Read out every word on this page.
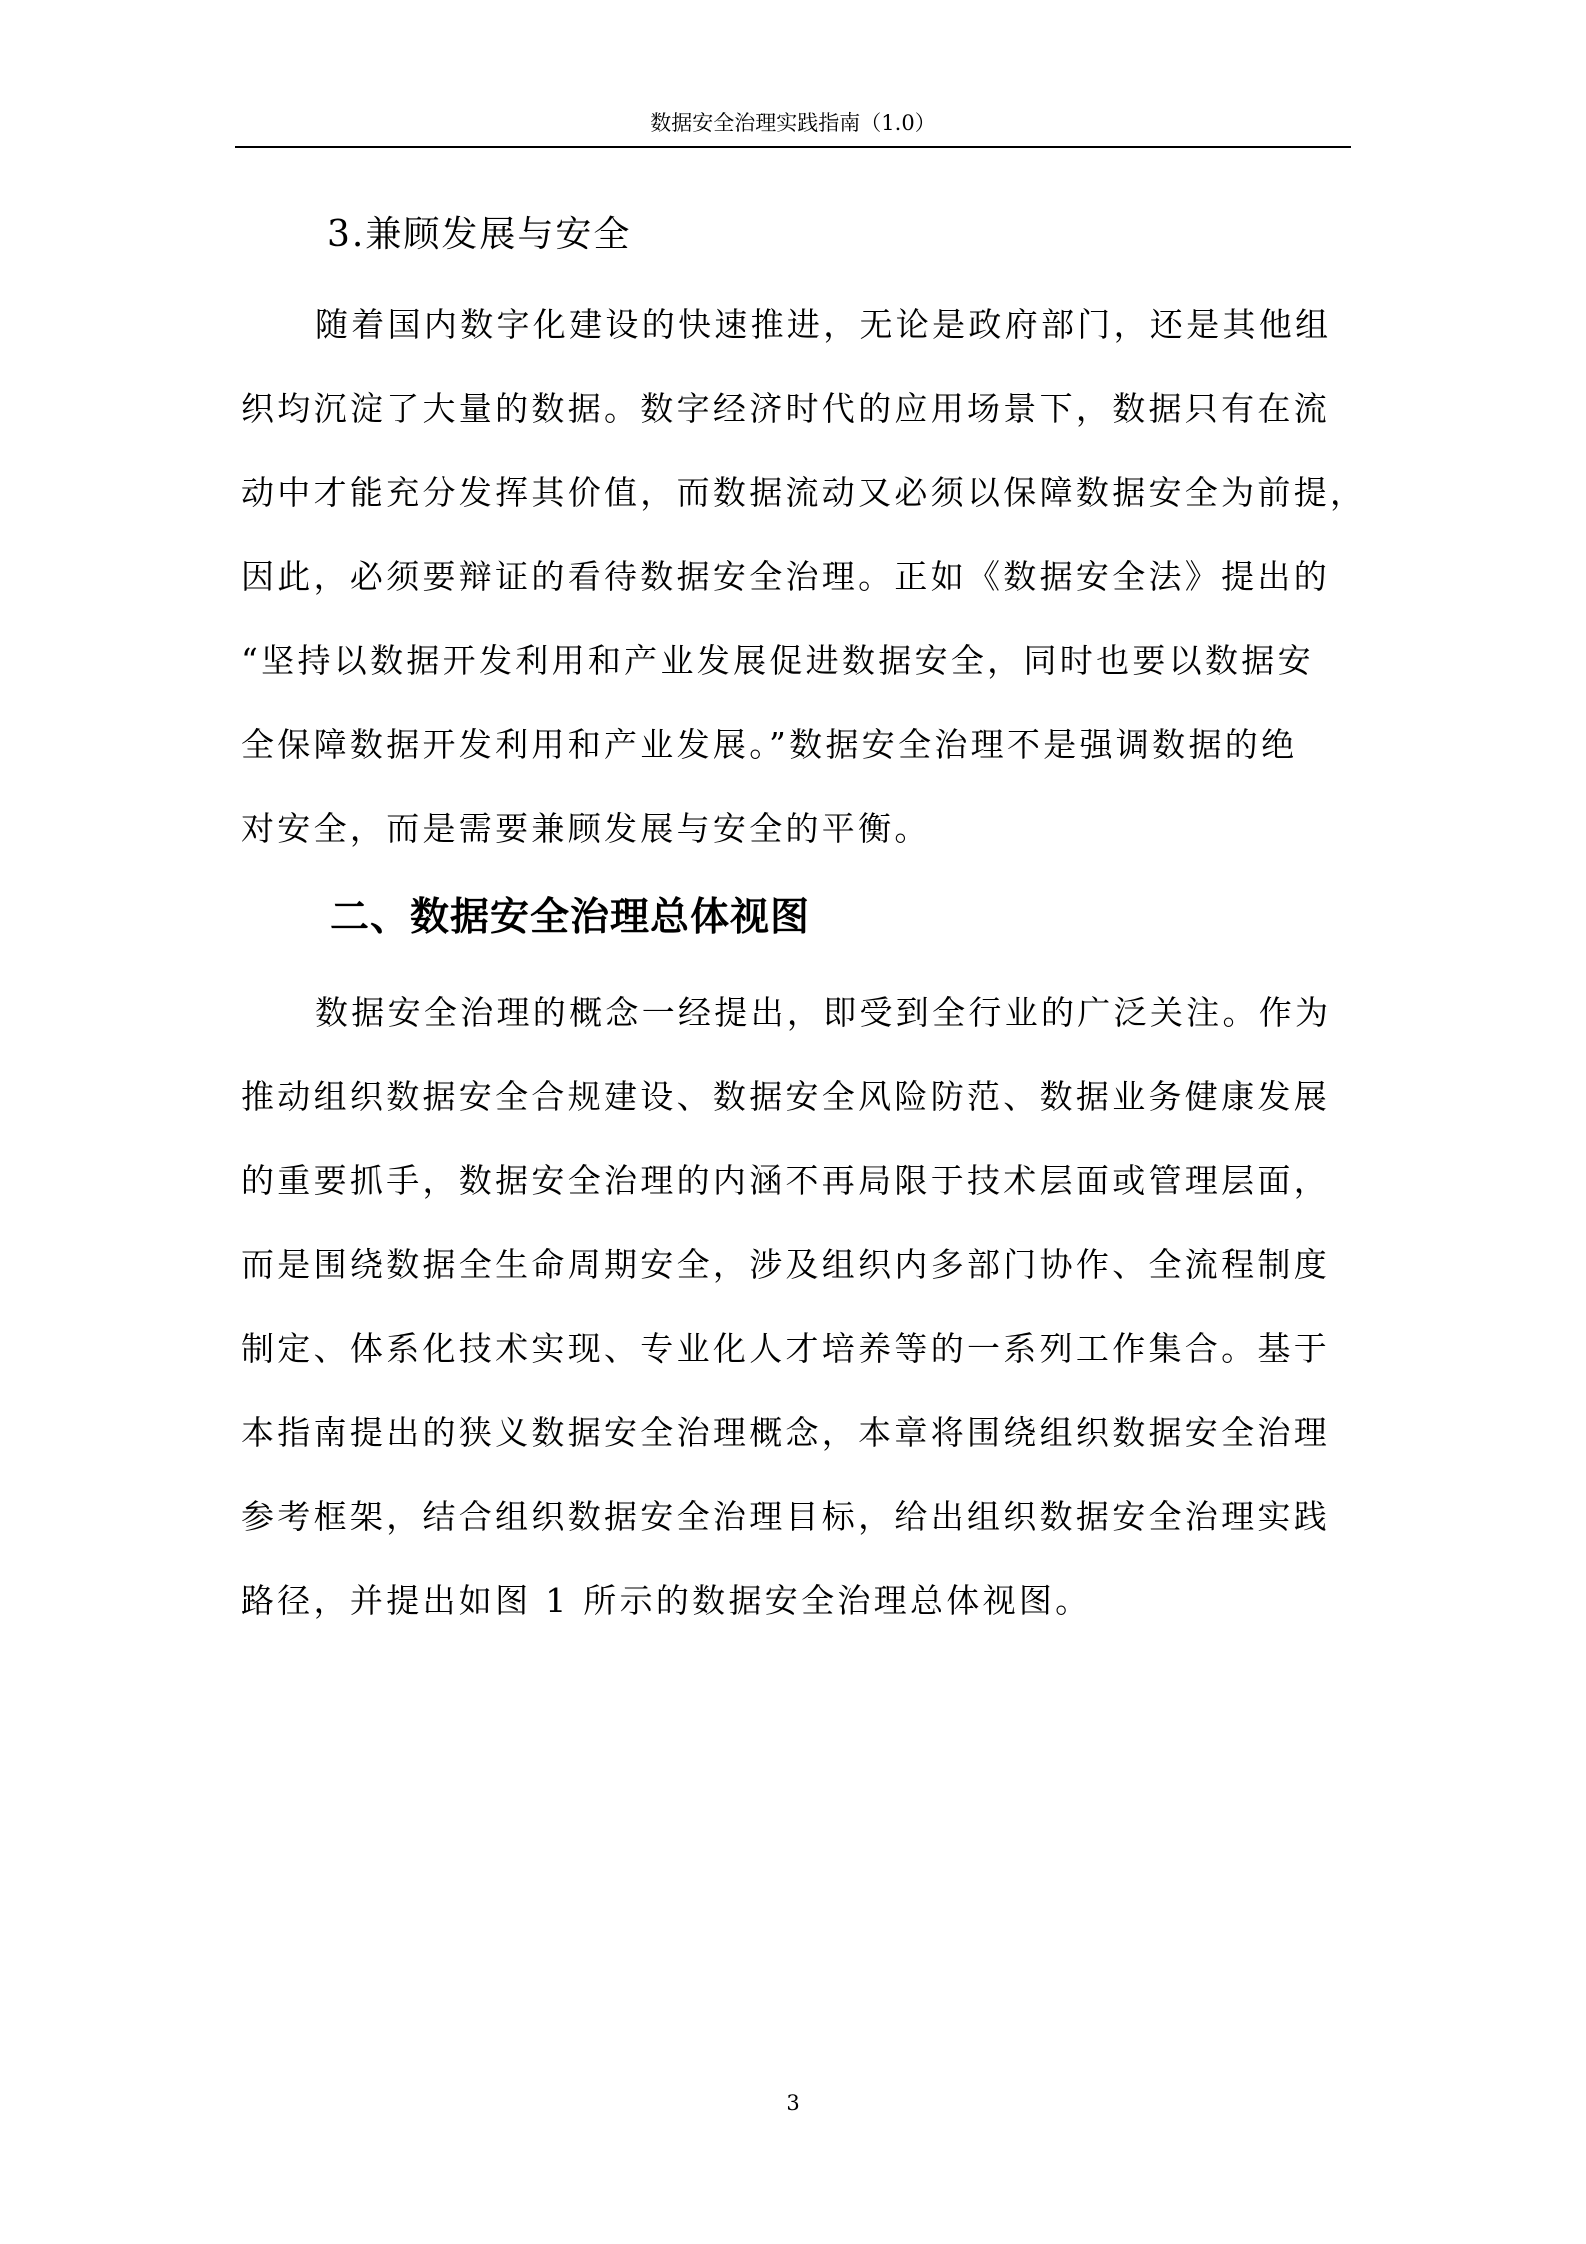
数据安全治理实践指南（1.0）
3.兼顾发展与安全
随着国内数字化建设的快速推进，无论是政府部门，还是其他组
织均沉淀了大量的数据。数字经济时代的应用场景下，数据只有在流
动中才能充分发挥其价值，而数据流动又必须以保障数据安全为前提，
因此，必须要辩证的看待数据安全治理。正如《数据安全法》提出的
“坚持以数据开发利用和产业发展促进数据安全，同时也要以数据安
全保障数据开发利用和产业发展。”数据安全治理不是强调数据的绝
对安全，而是需要兼顾发展与安全的平衡。
二、数据安全治理总体视图
数据安全治理的概念一经提出，即受到全行业的广泛关注。作为
推动组织数据安全合规建设、数据安全风险防范、数据业务健康发展
的重要抓手，数据安全治理的内涵不再局限于技术层面或管理层面，
而是围绕数据全生命周期安全，涉及组织内多部门协作、全流程制度
制定、体系化技术实现、专业化人才培养等的一系列工作集合。基于
本指南提出的狭义数据安全治理概念，本章将围绕组织数据安全治理
参考框架，结合组织数据安全治理目标，给出组织数据安全治理实践
路径，并提出如图 1 所示的数据安全治理总体视图。
3
